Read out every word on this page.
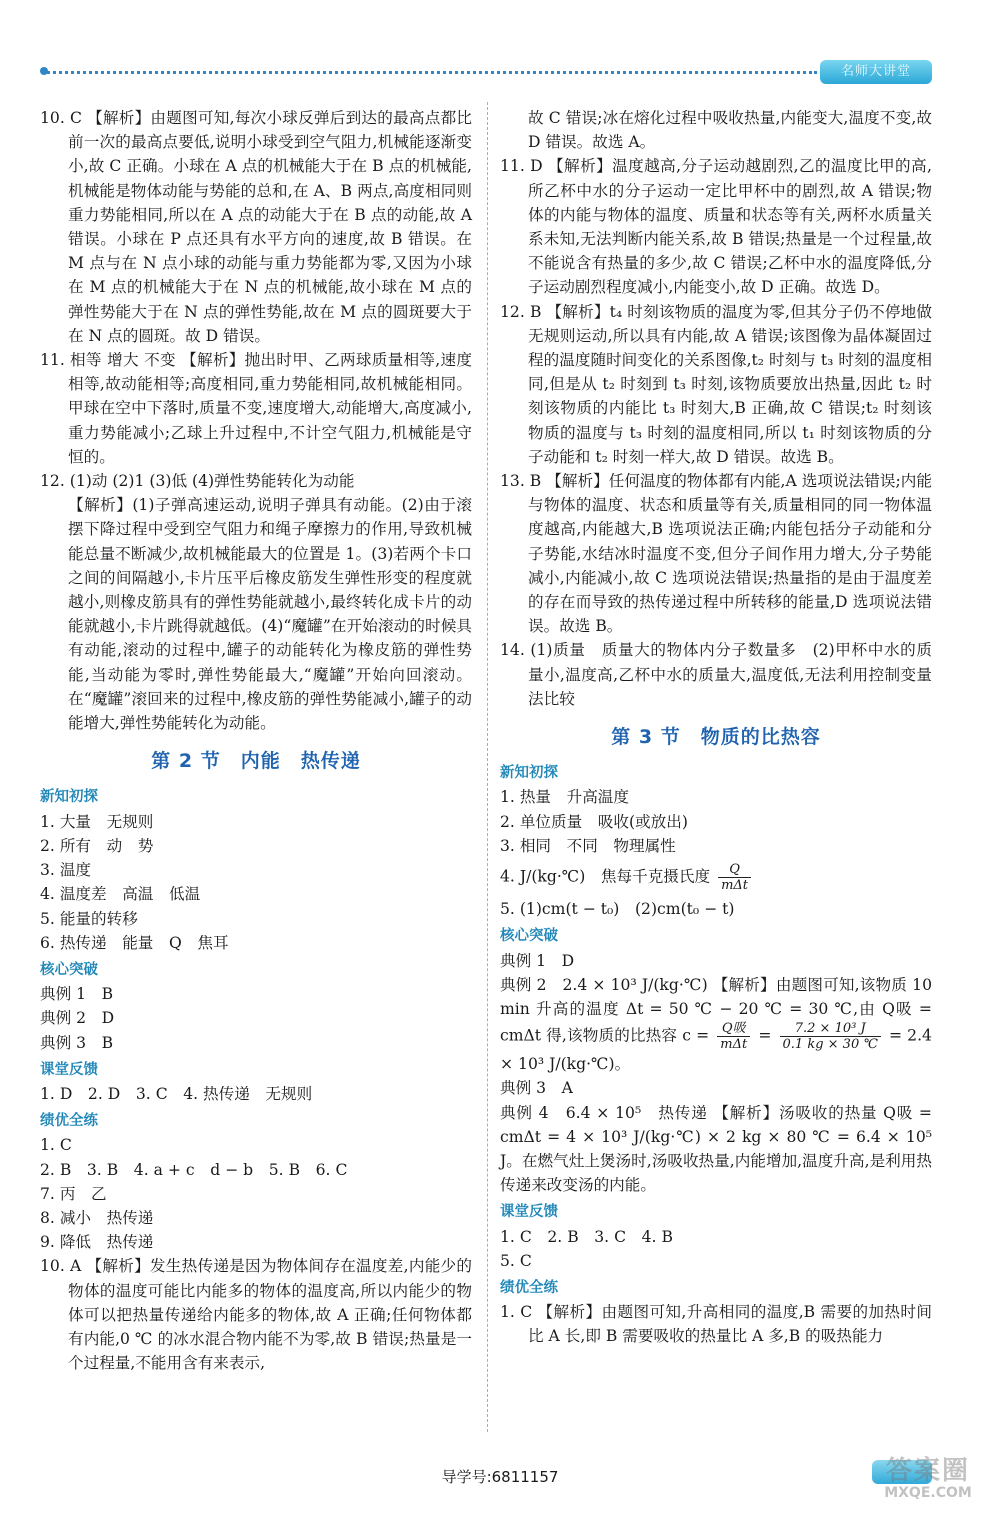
名师大讲堂

10. C 【解析】由题图可知,每次小球反弹后到达的最高点都比前一次的最高点要低,说明小球受到空气阻力,机械能逐渐变小,故 C 正确。小球在 A 点的机械能大于在 B 点的机械能,机械能是物体动能与势能的总和,在 A、B 两点,高度相同则重力势能相同,所以在 A 点的动能大于在 B 点的动能,故 A 错误。小球在 P 点还具有水平方向的速度,故 B 错误。在 M 点与在 N 点小球的动能与重力势能都为零,又因为小球在 M 点的机械能大于在 N 点的机械能,故小球在 M 点的弹性势能大于在 N 点的弹性势能,故在 M 点的圆斑要大于在 N 点的圆斑。故 D 错误。

11. 相等 增大 不变 【解析】抛出时甲、乙两球质量相等,速度相等,故动能相等;高度相同,重力势能相同,故机械能相同。甲球在空中下落时,质量不变,速度增大,动能增大,高度减小,重力势能减小;乙球上升过程中,不计空气阻力,机械能是守恒的。

12. (1)动 (2)1 (3)低 (4)弹性势能转化为动能

【解析】(1)子弹高速运动,说明子弹具有动能。(2)由于滚摆下降过程中受到空气阻力和绳子摩擦力的作用,导致机械能总量不断减少,故机械能最大的位置是 1。(3)若两个卡口之间的间隔越小,卡片压平后橡皮筋发生弹性形变的程度就越小,则橡皮筋具有的弹性势能就越小,最终转化成卡片的动能就越小,卡片跳得就越低。(4)“魔罐”在开始滚动的时候具有动能,滚动的过程中,罐子的动能转化为橡皮筋的弹性势能,当动能为零时,弹性势能最大,“魔罐”开始向回滚动。在“魔罐”滚回来的过程中,橡皮筋的弹性势能减小,罐子的动能增大,弹性势能转化为动能。

第 2 节　内能　热传递

新知初探

1. 大量　无规则

2. 所有　动　势

3. 温度

4. 温度差　高温　低温

5. 能量的转移

6. 热传递　能量　Q　焦耳

核心突破

典例 1　B

典例 2　D

典例 3　B

课堂反馈

1. D　2. D　3. C　4. 热传递　无规则

绩优全练

1. C

2. B　3. B　4. a + c　d − b　5. B　6. C

7. 丙　乙

8. 减小　热传递

9. 降低　热传递

10. A 【解析】发生热传递是因为物体间存在温度差,内能少的物体的温度可能比内能多的物体的温度高,所以内能少的物体可以把热量传递给内能多的物体,故 A 正确;任何物体都有内能,0 ℃ 的冰水混合物内能不为零,故 B 错误;热量是一个过程量,不能用含有来表示,

故 C 错误;冰在熔化过程中吸收热量,内能变大,温度不变,故 D 错误。故选 A。

11. D 【解析】温度越高,分子运动越剧烈,乙的温度比甲的高,所乙杯中水的分子运动一定比甲杯中的剧烈,故 A 错误;物体的内能与物体的温度、质量和状态等有关,两杯水质量关系未知,无法判断内能关系,故 B 错误;热量是一个过程量,故不能说含有热量的多少,故 C 错误;乙杯中水的温度降低,分子运动剧烈程度减小,内能变小,故 D 正确。故选 D。

12. B 【解析】t₄ 时刻该物质的温度为零,但其分子仍不停地做无规则运动,所以具有内能,故 A 错误;该图像为晶体凝固过程的温度随时间变化的关系图像,t₂ 时刻与 t₃ 时刻的温度相同,但是从 t₂ 时刻到 t₃ 时刻,该物质要放出热量,因此 t₂ 时刻该物质的内能比 t₃ 时刻大,B 正确,故 C 错误;t₂ 时刻该物质的温度与 t₃ 时刻的温度相同,所以 t₁ 时刻该物质的分子动能和 t₂ 时刻一样大,故 D 错误。故选 B。

13. B 【解析】任何温度的物体都有内能,A 选项说法错误;内能与物体的温度、状态和质量等有关,质量相同的同一物体温度越高,内能越大,B 选项说法正确;内能包括分子动能和分子势能,水结冰时温度不变,但分子间作用力增大,分子势能减小,内能减小,故 C 选项说法错误;热量指的是由于温度差的存在而导致的热传递过程中所转移的能量,D 选项说法错误。故选 B。

14. (1)质量　质量大的物体内分子数量多　(2)甲杯中水的质量小,温度高,乙杯中水的质量大,温度低,无法利用控制变量法比较

第 3 节　物质的比热容

新知初探

1. 热量　升高温度

2. 单位质量　吸收(或放出)

3. 相同　不同　物理属性

4. J/(kg·℃)　焦每千克摄氏度 $\frac{Q}{\text{mΔt}}$

5. (1)cm(t − t₀)　(2)cm(t₀ − t)

核心突破

典例 1　D

典例 2　2.4 × 10³ J/(kg·℃) 【解析】由题图可知,该物质 10 min 升高的温度 Δt = 50 ℃ − 20 ℃ = 30 ℃,由 Q吸 = cmΔt 得,该物质的比热容 $c = \frac{\text{Q吸}}{\text{mΔt}} = \frac{\text{7.2 × 10³ J}}{0.1 kg \times 30 ℃} = 2.4 \times 10^3$ J/(kg·℃)。

典例 3　A

典例 4　6.4 × 10⁵　热传递 【解析】汤吸收的热量 Q吸 = cmΔt = 4 × 10³ J/(kg·℃) × 2 kg × 80 ℃ = 6.4 × 10⁵ J。在燃气灶上煲汤时,汤吸收热量,内能增加,温度升高,是利用热传递来改变汤的内能。

课堂反馈

1. C　2. B　3. C　4. B

5. C

绩优全练

1. C 【解析】由题图可知,升高相同的温度,B 需要的加热时间比 A 长,即 B 需要吸收的热量比 A 多,B 的吸热能力

导学号:6811157	答案圈
MXQE.COM
